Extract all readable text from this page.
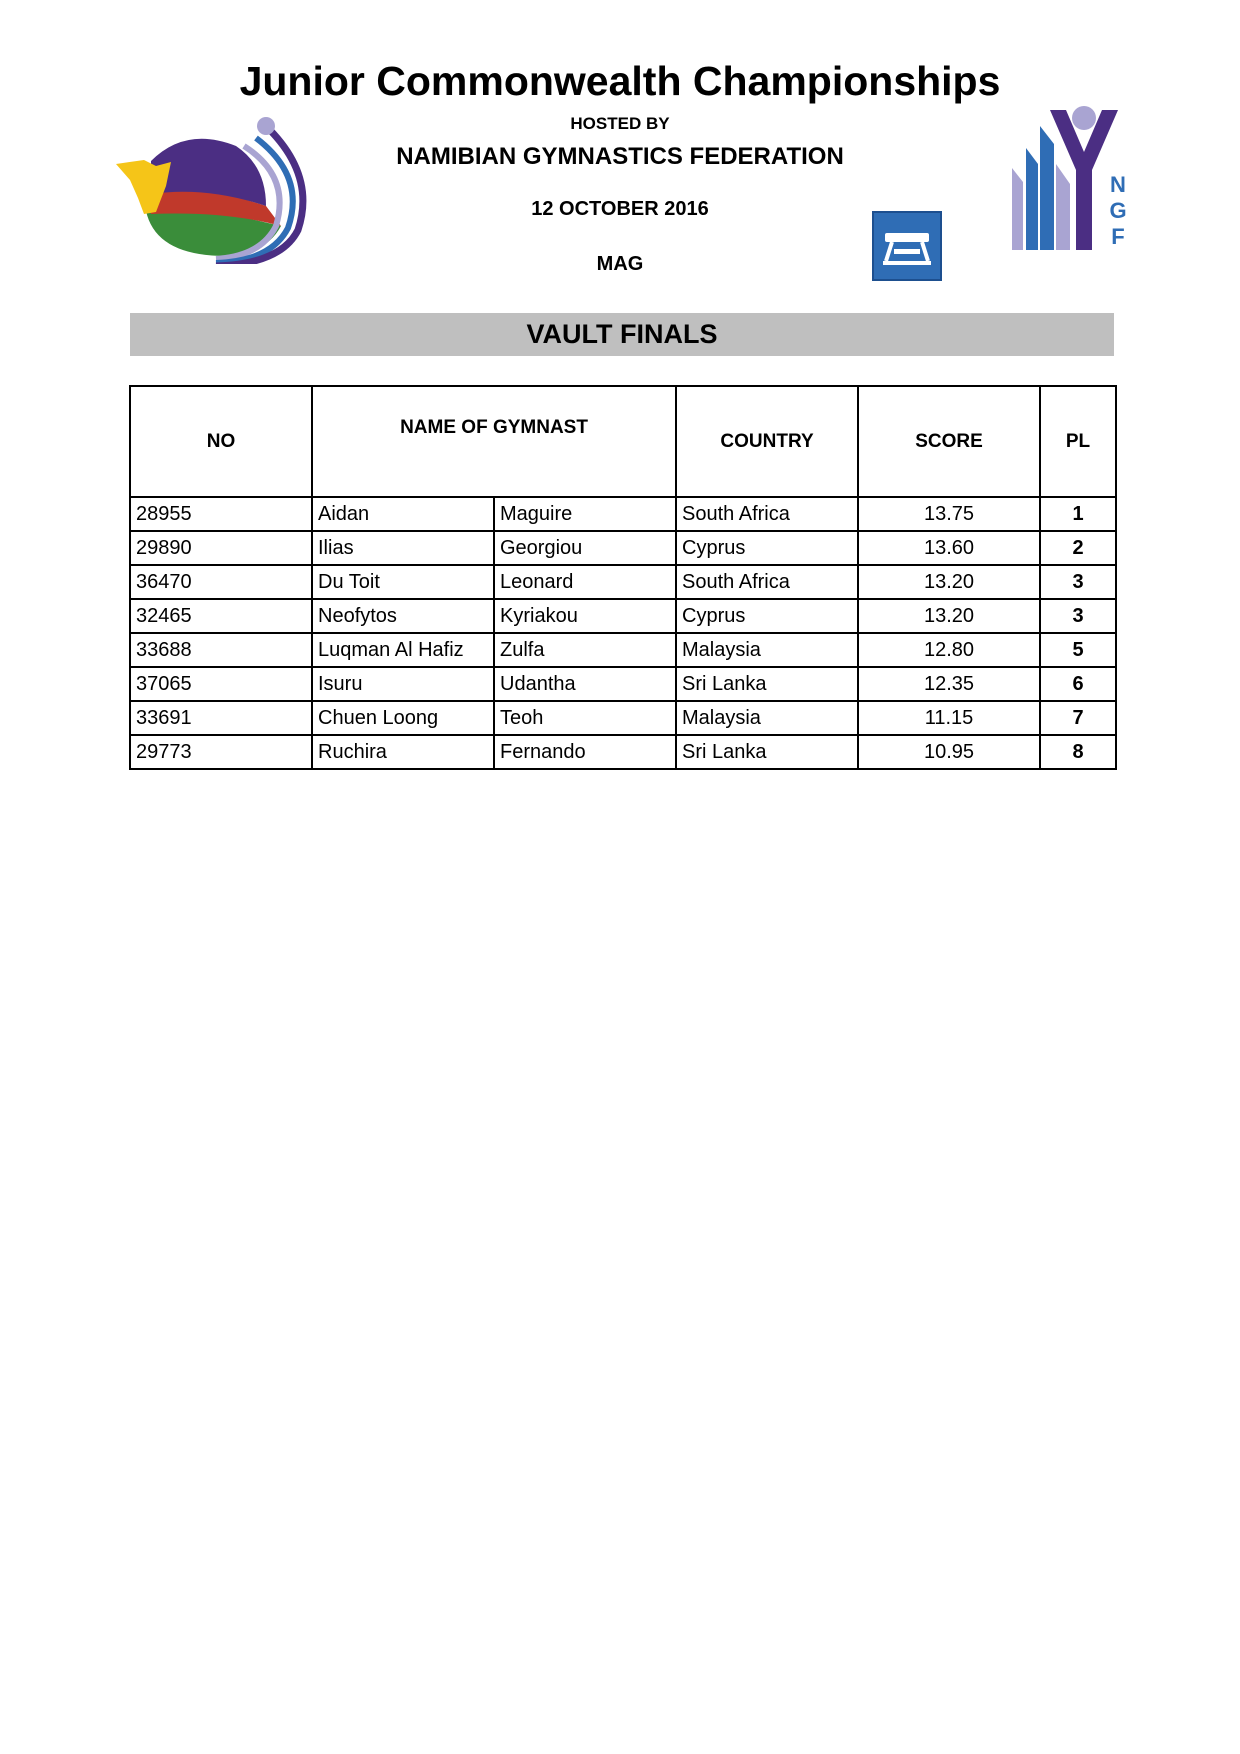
Junior Commonwealth Championships
HOSTED BY
NAMIBIAN GYMNASTICS FEDERATION
12 OCTOBER 2016
MAG
N
G
F
VAULT FINALS
NO	NAME OF GYMNAST		COUNTRY	SCORE	PL
28955	Aidan	Maguire	South Africa	13.75	1
29890	Ilias	Georgiou	Cyprus	13.60	2
36470	Du Toit	Leonard	South Africa	13.20	3
32465	Neofytos	Kyriakou	Cyprus	13.20	3
33688	Luqman Al Hafiz	Zulfa	Malaysia	12.80	5
37065	Isuru	Udantha	Sri Lanka	12.35	6
33691	Chuen Loong	Teoh	Malaysia	11.15	7
29773	Ruchira	Fernando	Sri Lanka	10.95	8
